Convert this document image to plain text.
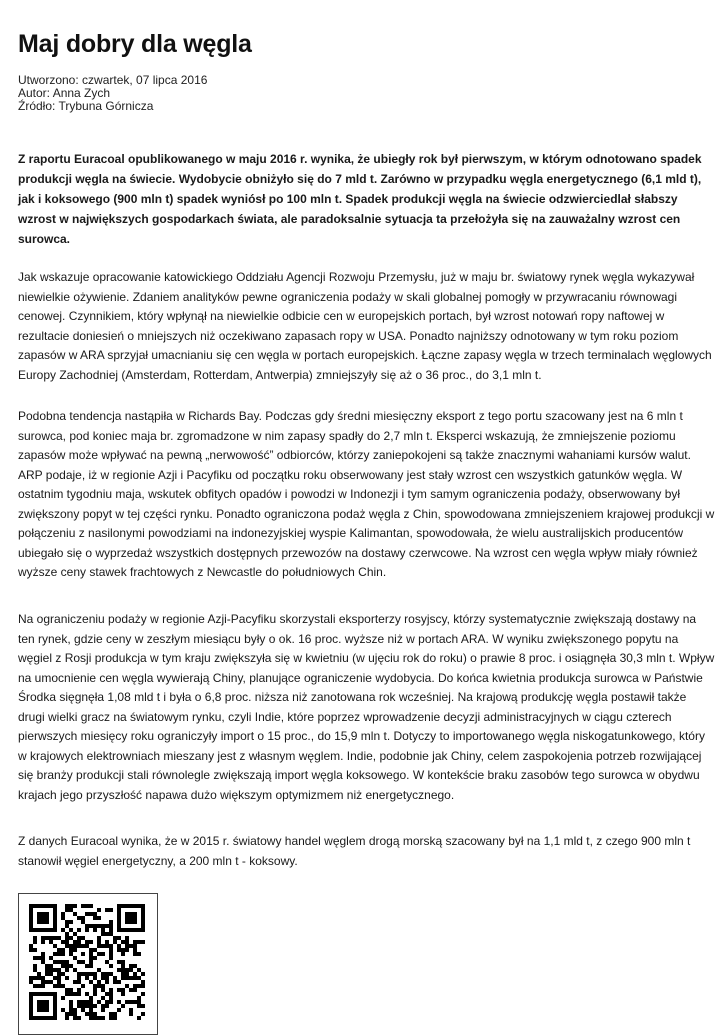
Maj dobry dla węgla
Utworzono: czwartek, 07 lipca 2016
Autor: Anna Zych
Źródło: Trybuna Górnicza

Z raportu Euracoal opublikowanego w maju 2016 r. wynika, że ubiegły rok był pierwszym, w którym odnotowano spadek
produkcji węgla na świecie. Wydobycie obniżyło się do 7 mld t. Zarówno w przypadku węgla energetycznego (6,1 mld t),
jak i koksowego (900 mln t) spadek wyniósł po 100 mln t. Spadek produkcji węgla na świecie odzwierciedlał słabszy
wzrost w największych gospodarkach świata, ale paradoksalnie sytuacja ta przełożyła się na zauważalny wzrost cen
surowca.

Jak wskazuje opracowanie katowickiego Oddziału Agencji Rozwoju Przemysłu, już w maju br. światowy rynek węgla wykazywał
niewielkie ożywienie. Zdaniem analityków pewne ograniczenia podaży w skali globalnej pomogły w przywracaniu równowagi
cenowej. Czynnikiem, który wpłynął na niewielkie odbicie cen w europejskich portach, był wzrost notowań ropy naftowej w
rezultacie doniesień o mniejszych niż oczekiwano zapasach ropy w USA. Ponadto najniższy odnotowany w tym roku poziom
zapasów w ARA sprzyjał umacnianiu się cen węgla w portach europejskich. Łączne zapasy węgla w trzech terminalach węglowych
Europy Zachodniej (Amsterdam, Rotterdam, Antwerpia) zmniejszyły się aż o 36 proc., do 3,1 mln t.

Podobna tendencja nastąpiła w Richards Bay. Podczas gdy średni miesięczny eksport z tego portu szacowany jest na 6 mln t
surowca, pod koniec maja br. zgromadzone w nim zapasy spadły do 2,7 mln t. Eksperci wskazują, że zmniejszenie poziomu
zapasów może wpływać na pewną „nerwowość” odbiorców, którzy zaniepokojeni są także znacznymi wahaniami kursów walut.
ARP podaje, iż w regionie Azji i Pacyfiku od początku roku obserwowany jest stały wzrost cen wszystkich gatunków węgla. W
ostatnim tygodniu maja, wskutek obfitych opadów i powodzi w Indonezji i tym samym ograniczenia podaży, obserwowany był
zwiększony popyt w tej części rynku. Ponadto ograniczona podaż węgla z Chin, spowodowana zmniejszeniem krajowej produkcji w
połączeniu z nasilonymi powodziami na indonezyjskiej wyspie Kalimantan, spowodowała, że wielu australijskich producentów
ubiegało się o wyprzedaż wszystkich dostępnych przewozów na dostawy czerwcowe. Na wzrost cen węgla wpływ miały również
wyższe ceny stawek frachtowych z Newcastle do południowych Chin.

Na ograniczeniu podaży w regionie Azji-Pacyfiku skorzystali eksporterzy rosyjscy, którzy systematycznie zwiększają dostawy na
ten rynek, gdzie ceny w zeszłym miesiącu były o ok. 16 proc. wyższe niż w portach ARA. W wyniku zwiększonego popytu na
węgiel z Rosji produkcja w tym kraju zwiększyła się w kwietniu (w ujęciu rok do roku) o prawie 8 proc. i osiągnęła 30,3 mln t. Wpływ
na umocnienie cen węgla wywierają Chiny, planujące ograniczenie wydobycia. Do końca kwietnia produkcja surowca w Państwie
Środka sięgnęła 1,08 mld t i była o 6,8 proc. niższa niż zanotowana rok wcześniej. Na krajową produkcję węgla postawił także
drugi wielki gracz na światowym rynku, czyli Indie, które poprzez wprowadzenie decyzji administracyjnych w ciągu czterech
pierwszych miesięcy roku ograniczyły import o 15 proc., do 15,9 mln t. Dotyczy to importowanego węgla niskogatunkowego, który
w krajowych elektrowniach mieszany jest z własnym węglem. Indie, podobnie jak Chiny, celem zaspokojenia potrzeb rozwijającej
się branży produkcji stali równolegle zwiększają import węgla koksowego. W kontekście braku zasobów tego surowca w obydwu
krajach jego przyszłość napawa dużo większym optymizmem niż energetycznego.

Z danych Euracoal wynika, że w 2015 r. światowy handel węglem drogą morską szacowany był na 1,1 mld t, z czego 900 mln t
stanowił węgiel energetyczny, a 200 mln t - koksowy.
